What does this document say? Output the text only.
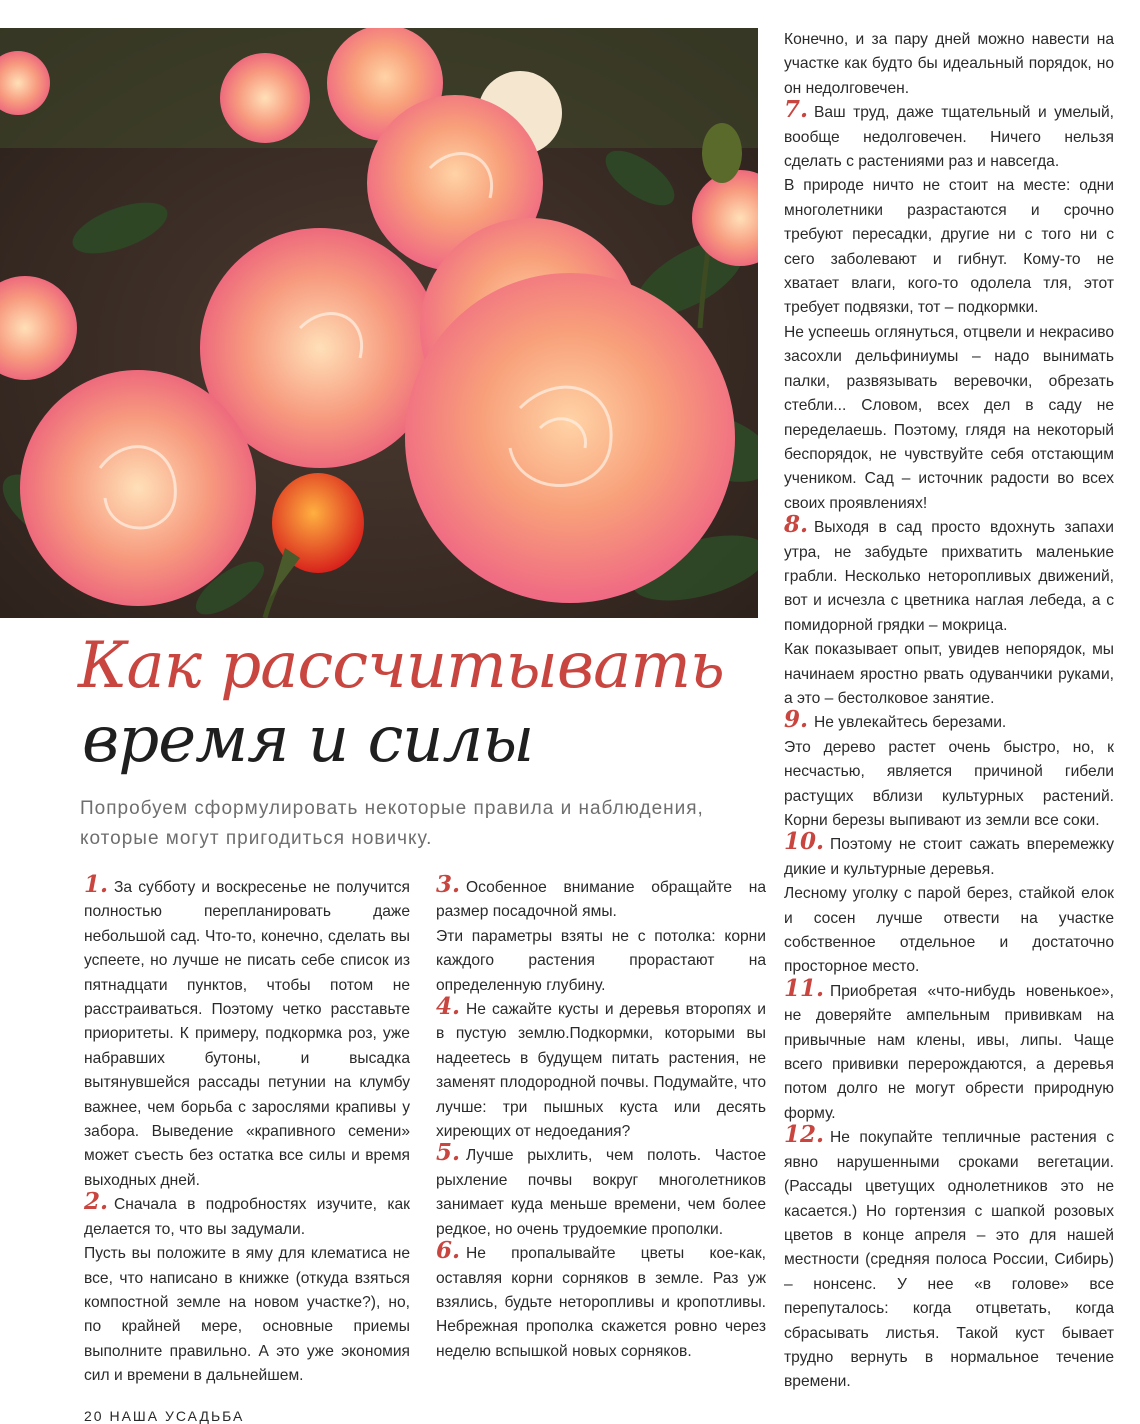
Как рассчитывать
время и силы
Попробуем сформулировать некоторые правила и наблюдения, которые могут пригодиться новичку.

1. За субботу и воскресенье не получится полностью перепланировать даже небольшой сад. Что-то, конечно, сделать вы успеете, но лучше не писать себе список из пятнадцати пунктов, чтобы потом не расстраиваться. Поэтому четко расставьте приоритеты. К примеру, подкормка роз, уже набравших бутоны, и высадка вытянувшейся рассады петунии на клумбу важнее, чем борьба с зарослями крапивы у забора. Выведение «крапивного семени» может съесть без остатка все силы и время выходных дней.

2. Сначала в подробностях изучите, как делается то, что вы задумали.

Пусть вы положите в яму для клематиса не все, что написано в книжке (откуда взяться компостной земле на новом участке?), но, по крайней мере, основные приемы выполните правильно. А это уже экономия сил и времени в дальнейшем.

3. Особенное внимание обращайте на размер посадочной ямы.

Эти параметры взяты не с потолка: корни каждого растения прорастают на определенную глубину.

4. Не сажайте кусты и деревья второпях и в пустую землю.Подкормки, которыми вы надеетесь в будущем питать растения, не заменят плодородной почвы. Подумайте, что лучше: три пышных куста или десять хиреющих от недоедания?

5. Лучше рыхлить, чем полоть. Частое рыхление почвы вокруг многолетников занимает куда меньше времени, чем более редкое, но очень трудоемкие прополки.

6. Не пропалывайте цветы кое-как, оставляя корни сорняков в земле. Раз уж взялись, будьте неторопливы и кропотливы. Небрежная прополка скажется ровно через неделю вспышкой новых сорняков.

Конечно, и за пару дней можно навести на участке как будто бы идеальный порядок, но он недолговечен.

7. Ваш труд, даже тщательный и умелый, вообще недолговечен. Ничего нельзя сделать с растениями раз и навсегда.

В природе ничто не стоит на месте: одни многолетники разрастаются и срочно требуют пересадки, другие ни с того ни с сего заболевают и гибнут. Кому-то не хватает влаги, кого-то одолела тля, этот требует подвязки, тот – подкормки.

Не успеешь оглянуться, отцвели и некрасиво засохли дельфиниумы – надо вынимать палки, развязывать веревочки, обрезать стебли... Словом, всех дел в саду не переделаешь. Поэтому, глядя на некоторый беспорядок, не чувствуйте себя отстающим учеником. Сад – источник радости во всех своих проявлениях!

8. Выходя в сад просто вдохнуть запахи утра, не забудьте прихватить маленькие грабли. Несколько неторопливых движений, вот и исчезла с цветника наглая лебеда, а с помидорной грядки – мокрица.

Как показывает опыт, увидев непорядок, мы начинаем яростно рвать одуванчики руками, а это – бестолковое занятие.

9. Не увлекайтесь березами.

Это дерево растет очень быстро, но, к несчастью, является причиной гибели растущих вблизи культурных растений. Корни березы выпивают из земли все соки.

10. Поэтому не стоит сажать вперемежку дикие и культурные деревья.

Лесному уголку с парой берез, стайкой елок и сосен лучше отвести на участке собственное отдельное и достаточно просторное место.

11. Приобретая «что-нибудь новенькое», не доверяйте ампельным прививкам на привычные нам клены, ивы, липы. Чаще всего прививки перерождаются, а деревья потом долго не могут обрести природную форму.

12. Не покупайте тепличные растения с явно нарушенными сроками вегетации. (Рассады цветущих однолетников это не касается.) Но гортензия с шапкой розовых цветов в конце апреля – это для нашей местности (средняя полоса России, Сибирь) – нонсенс. У нее «в голове» все перепуталось: когда отцветать, когда сбрасывать листья. Такой куст бывает трудно вернуть в нормальное течение времени.

20 НАША УСАДЬБА
